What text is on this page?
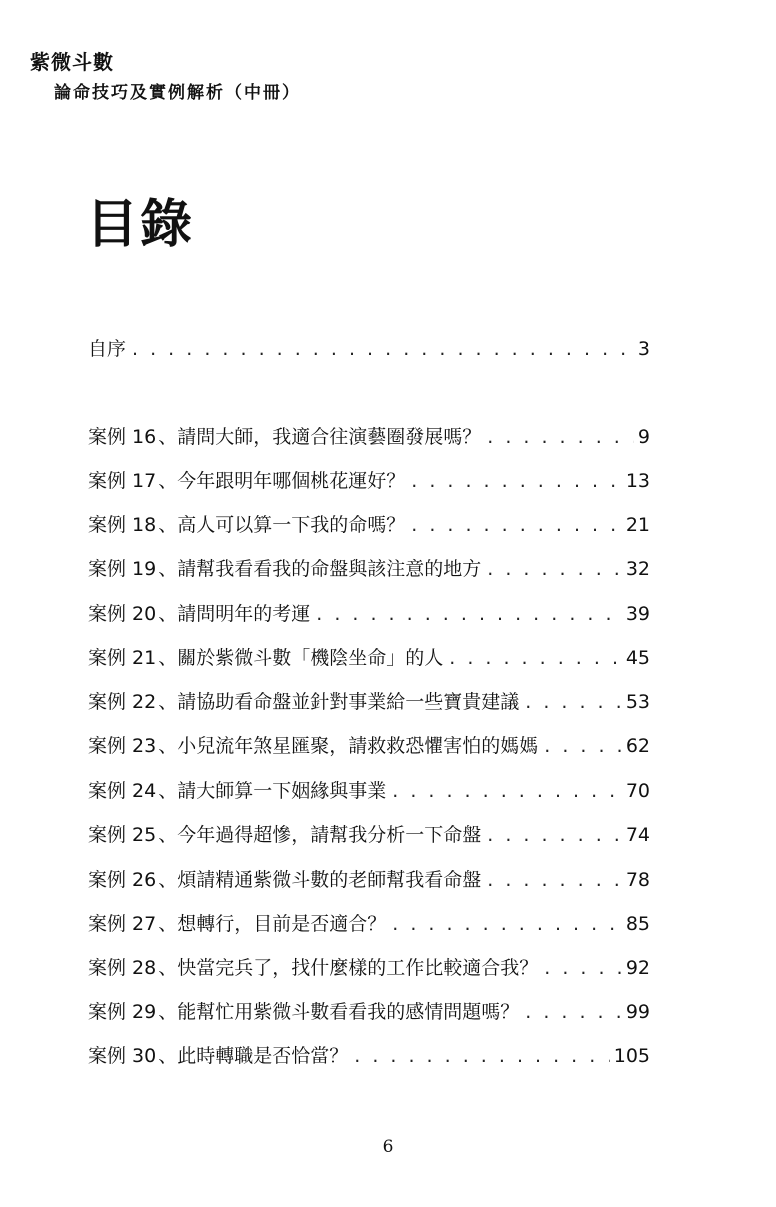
紫微斗數

論命技巧及實例解析（中冊）

目錄
自序 . . .	3
案例 16 、請問大師，我適合往演藝圈發展嗎？ . . .	9
案例 17 、今年跟明年哪個桃花運好？ . . .	13
案例 18 、高人可以算一下我的命嗎？ . . .	21
案例 19 、請幫我看看我的命盤與該注意的地方 . . .	32
案例 20 、請問明年的考運 . . .	39
案例 21 、關於紫微斗數「機陰坐命」的人 . . .	45
案例 22 、請協助看命盤並針對事業給一些寶貴建議 . . .	53
案例 23 、小兒流年煞星匯聚，請救救恐懼害怕的媽媽 . . .	62
案例 24 、請大師算一下姻緣與事業 . . .	70
案例 25 、今年過得超慘，請幫我分析一下命盤 . . .	74
案例 26 、煩請精通紫微斗數的老師幫我看命盤 . . .	78
案例 27 、想轉行，目前是否適合？ . . .	85
案例 28 、快當完兵了，找什麼樣的工作比較適合我？ . . .	92
案例 29 、能幫忙用紫微斗數看看我的感情問題嗎？ . . .	99
案例 30 、此時轉職是否恰當？ . . .	105

6
